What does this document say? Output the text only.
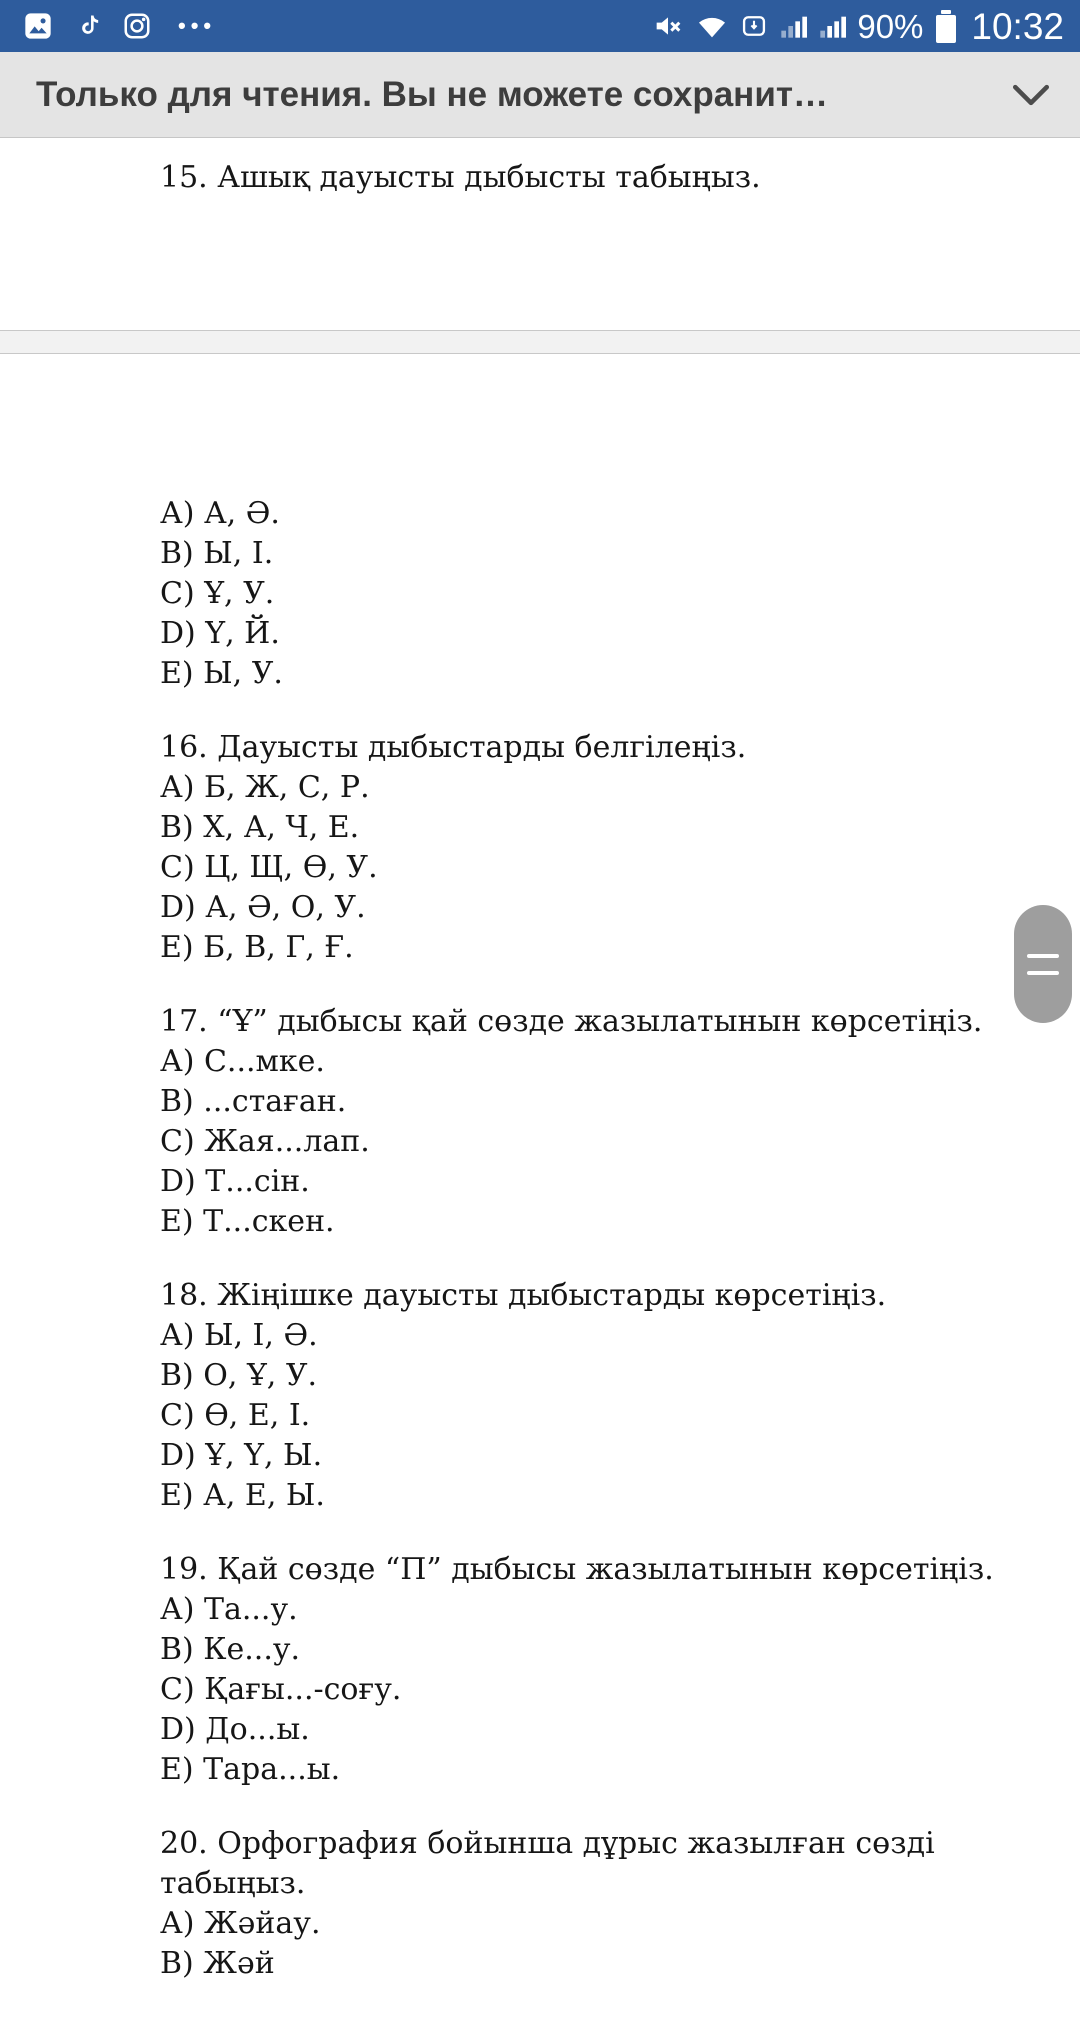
•••	90% 10:32
Только для чтения. Вы не можете сохранит…
15. Ашық дауысты дыбысты табыңыз.
А) А, Ә.
В) Ы, І.
С) Ұ, У.
D) Ү, Й.
Е) Ы, У.
16. Дауысты дыбыстарды белгілеңіз.
А) Б, Ж, С, Р.
В) Х, А, Ч, Е.
С) Ц, Щ, Ө, У.
D) А, Ә, О, У.
Е) Б, В, Г, Ғ.
17. “Ұ” дыбысы қай сөзде жазылатынын көрсетіңіз.
А) С...мке.
В) ...стаған.
С) Жая...лап.
D) Т...сін.
Е) Т...скен.
18. Жіңішке дауысты дыбыстарды көрсетіңіз.
А) Ы, І, Ә.
В) О, Ұ, У.
С) Ө, Е, І.
D) Ұ, Ү, Ы.
Е) А, Е, Ы.
19. Қай сөзде “П” дыбысы жазылатынын көрсетіңіз.
А) Та...у.
В) Ке...у.
С) Қағы...-соғу.
D) До...ы.
Е) Тара...ы.
20. Орфография бойынша дұрыс жазылған сөзді табыңыз.
А) Жәйау.
В) Жәй
